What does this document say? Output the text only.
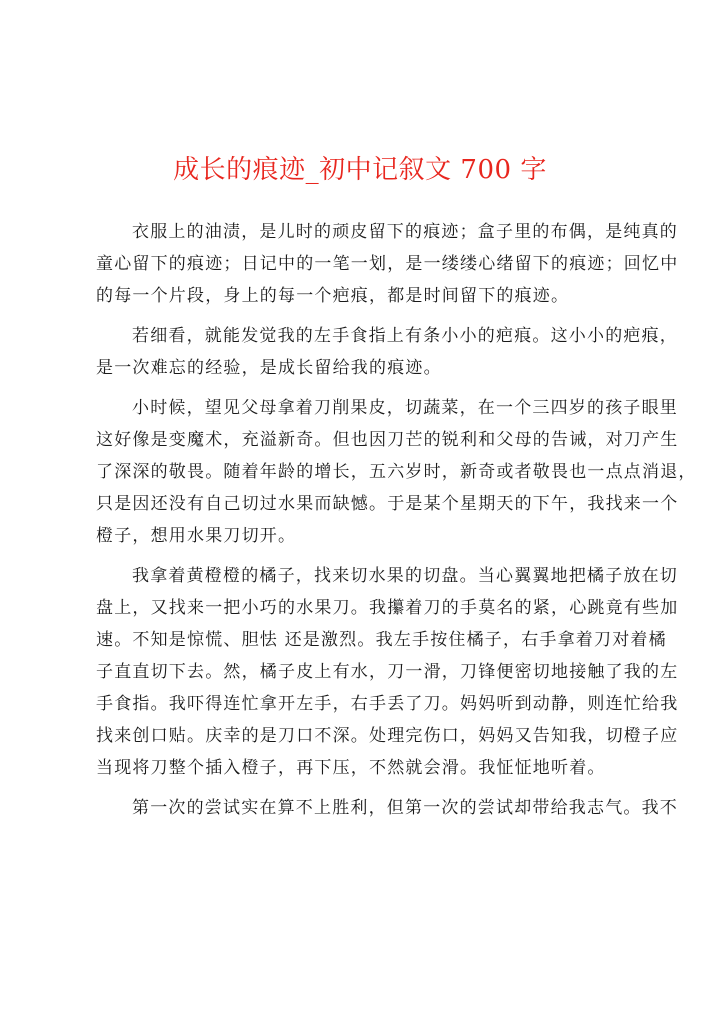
成长的痕迹_初中记叙文 700 字

衣服上的油渍，是儿时的顽皮留下的痕迹；盒子里的布偶，是纯真的
童心留下的痕迹；日记中的一笔一划，是一缕缕心绪留下的痕迹；回忆中
的每一个片段，身上的每一个疤痕，都是时间留下的痕迹。

若细看，就能发觉我的左手食指上有条小小的疤痕。这小小的疤痕，
是一次难忘的经验，是成长留给我的痕迹。

小时候，望见父母拿着刀削果皮，切蔬菜，在一个三四岁的孩子眼里
这好像是变魔术，充溢新奇。但也因刀芒的锐利和父母的告诫，对刀产生
了深深的敬畏。随着年龄的增长，五六岁时，新奇或者敬畏也一点点消退，
只是因还没有自己切过水果而缺憾。于是某个星期天的下午，我找来一个
橙子，想用水果刀切开。

我拿着黄橙橙的橘子，找来切水果的切盘。当心翼翼地把橘子放在切
盘上，又找来一把小巧的水果刀。我攥着刀的手莫名的紧，心跳竟有些加
速。不知是惊慌、胆怯 还是激烈。我左手按住橘子，右手拿着刀对着橘
子直直切下去。然，橘子皮上有水，刀一滑，刀锋便密切地接触了我的左
手食指。我吓得连忙拿开左手，右手丢了刀。妈妈听到动静，则连忙给我
找来创口贴。庆幸的是刀口不深。处理完伤口，妈妈又告知我，切橙子应
当现将刀整个插入橙子，再下压，不然就会滑。我怔怔地听着。

第一次的尝试实在算不上胜利，但第一次的尝试却带给我志气。我不
